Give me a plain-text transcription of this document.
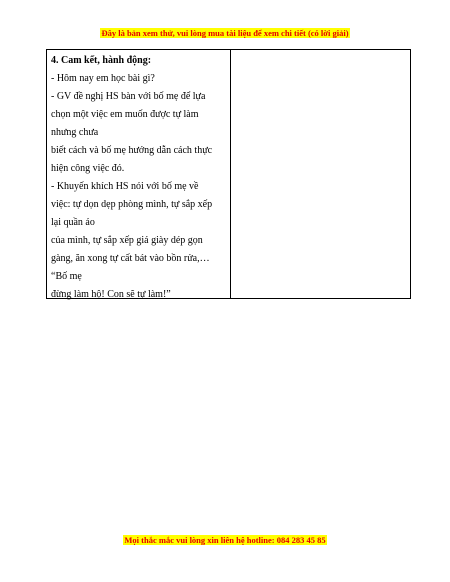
Đây là bản xem thử, vui lòng mua tài liệu để xem chi tiết (có lời giải)
4. Cam kết, hành động:
- Hôm nay em học bài gì?
- GV đề nghị HS bàn với bố mẹ để lựa
chọn một việc em muốn được tự làm
nhưng chưa
biết cách và bố mẹ hướng dẫn cách thực
hiện công việc đó.
- Khuyến khích HS nói với bố mẹ về
việc: tự dọn dẹp phòng mình, tự sắp xếp
lại quần áo
của mình, tự sắp xếp giá giày dép gọn
gàng, ăn xong tự cất bát vào bồn rửa,…
“Bố mẹ
đừng làm hộ! Con sẽ tự làm!”
Mọi thắc mắc vui lòng xin liên hệ hotline: 084 283 45 85
